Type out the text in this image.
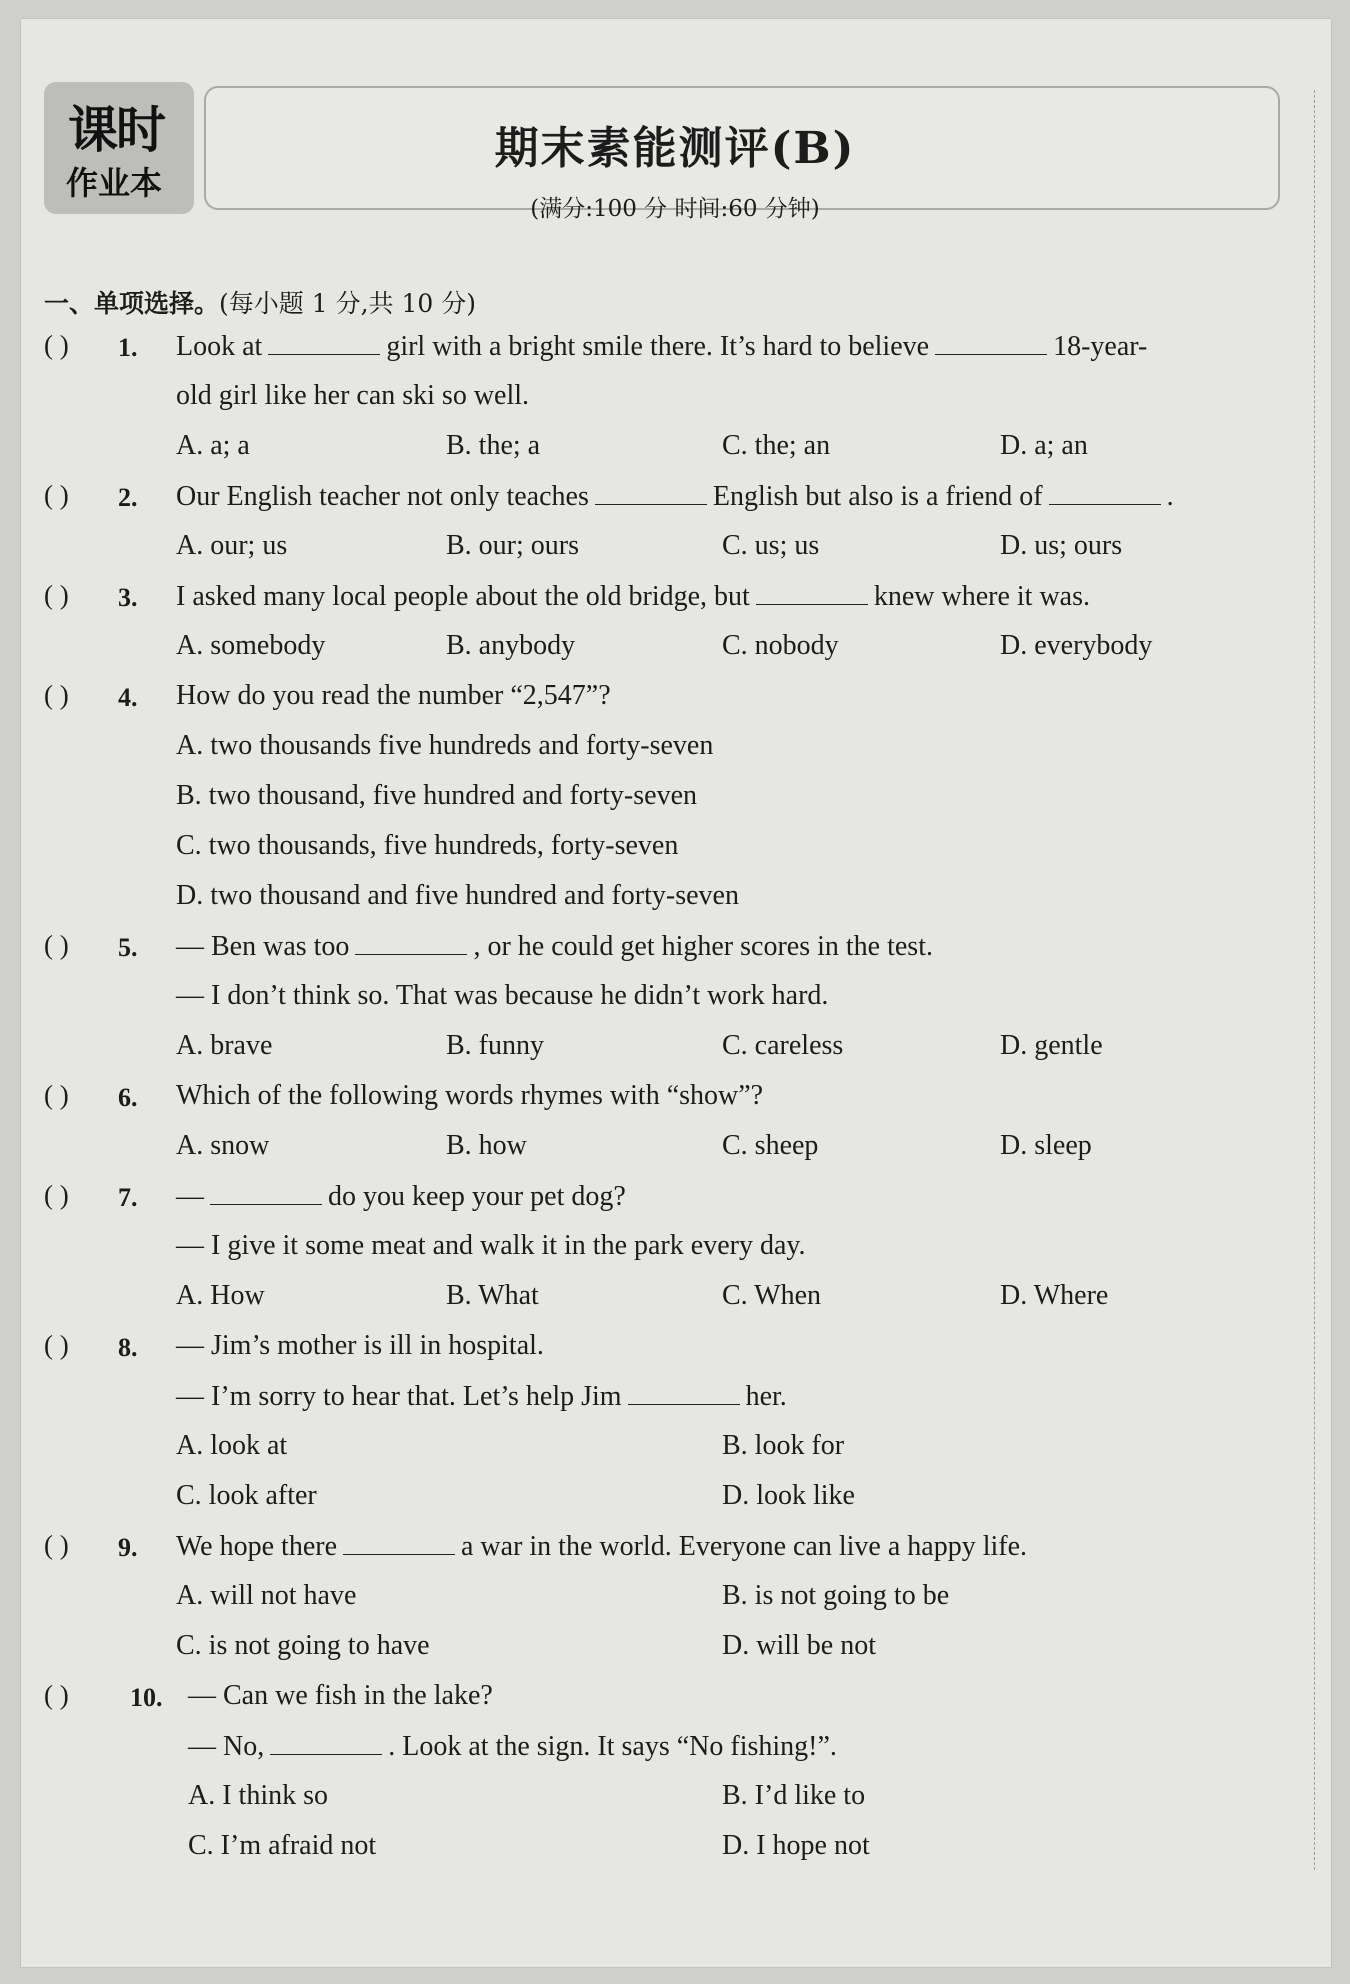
课时
作业本
期末素能测评(B)
(满分:100 分 时间:60 分钟)
一、单项选择。(每小题 1 分,共 10 分)
( ) 1. Look at	girl with a bright smile there. It’s hard to believe	18-year-
old girl like her can ski so well.
A. a; a	B. the; a	C. the; an	D. a; an
( ) 2. Our English teacher not only teaches	English but also is a friend of	.
A. our; us	B. our; ours	C. us; us	D. us; ours
( ) 3. I asked many local people about the old bridge, but	knew where it was.
A. somebody	B. anybody	C. nobody	D. everybody
( ) 4. How do you read the number “2,547”?
A. two thousands five hundreds and forty-seven
B. two thousand, five hundred and forty-seven
C. two thousands, five hundreds, forty-seven
D. two thousand and five hundred and forty-seven
( ) 5. — Ben was too	, or he could get higher scores in the test.
— I don’t think so. That was because he didn’t work hard.
A. brave	B. funny	C. careless	D. gentle
( ) 6. Which of the following words rhymes with “show”?
A. snow	B. how	C. sheep	D. sleep
( ) 7. —	do you keep your pet dog?
— I give it some meat and walk it in the park every day.
A. How	B. What	C. When	D. Where
( ) 8. — Jim’s mother is ill in hospital.
— I’m sorry to hear that. Let’s help Jim	her.
A. look at	B. look for
C. look after	D. look like
( ) 9. We hope there	a war in the world. Everyone can live a happy life.
A. will not have	B. is not going to be
C. is not going to have	D. will be not
( ) 10. — Can we fish in the lake?
— No,	. Look at the sign. It says “No fishing!”.
A. I think so	B. I’d like to
C. I’m afraid not	D. I hope not
